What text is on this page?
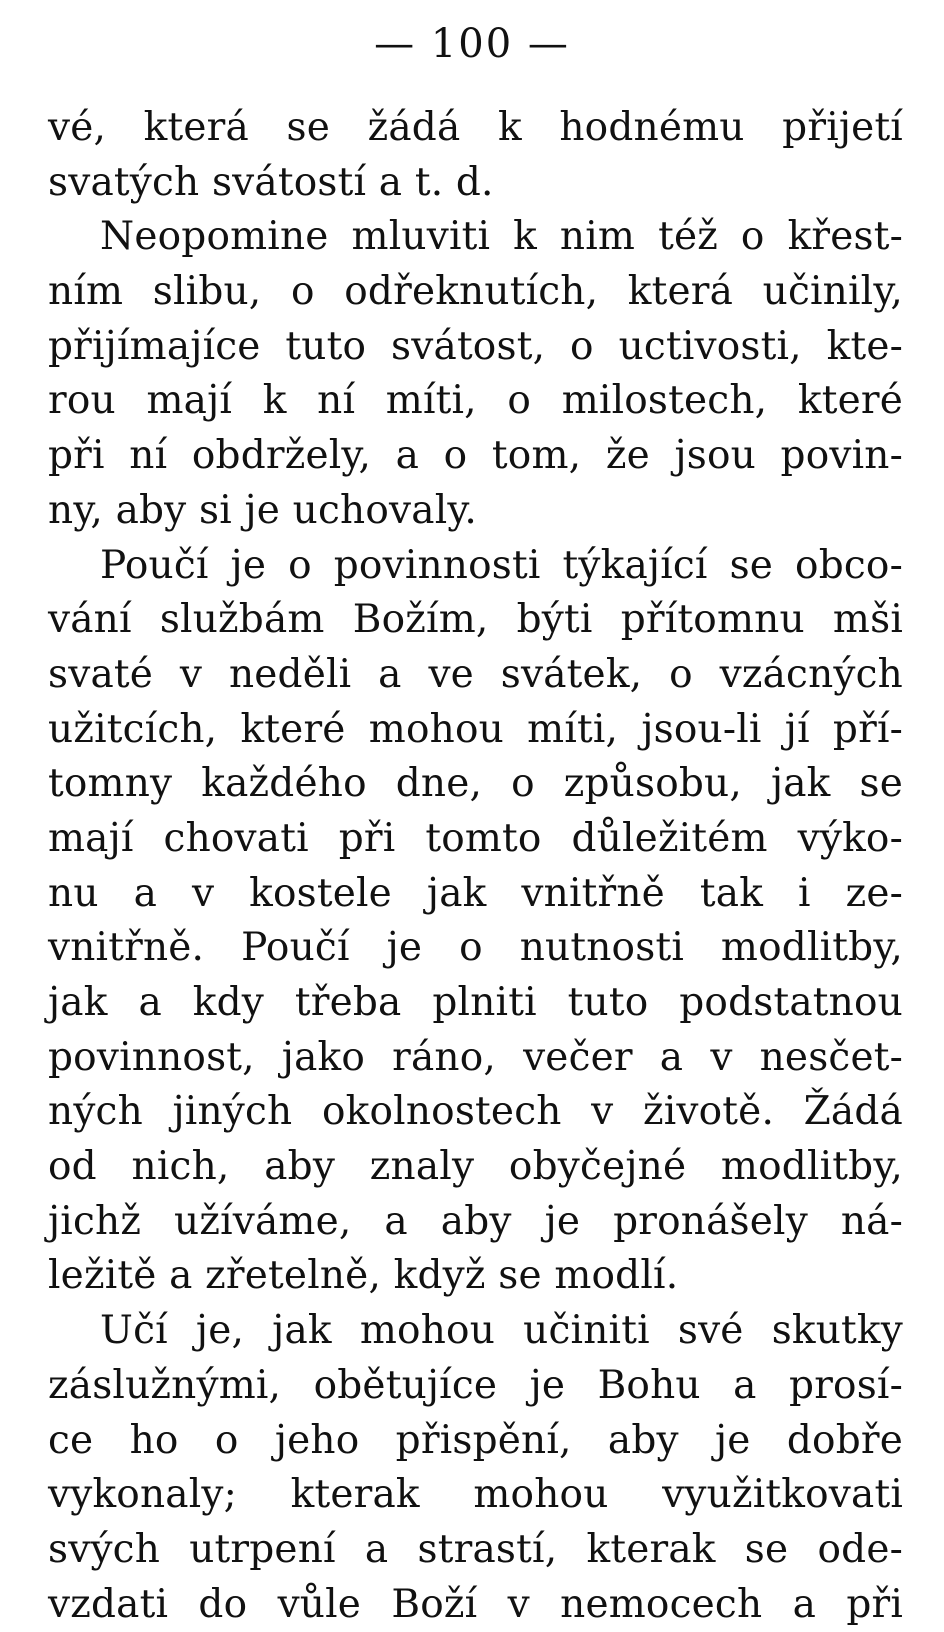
— 100 —
vé, která se žádá k hodnému přijetí
svatých svátostí a t. d.
Neopomine mluviti k nim též o křest-
ním slibu, o odřeknutích, která učinily,
přijímajíce tuto svátost, o uctivosti, kte-
rou mají k ní míti, o milostech, které
při ní obdržely, a o tom, že jsou povin-
ny, aby si je uchovaly.
Poučí je o povinnosti týkající se obco-
vání službám Božím, býti přítomnu mši
svaté v neděli a ve svátek, o vzácných
užitcích, které mohou míti, jsou-li jí pří-
tomny každého dne, o způsobu, jak se
mají chovati při tomto důležitém výko-
nu a v kostele jak vnitřně tak i ze-
vnitřně. Poučí je o nutnosti modlitby,
jak a kdy třeba plniti tuto podstatnou
povinnost, jako ráno, večer a v nesčet-
ných jiných okolnostech v životě. Žádá
od nich, aby znaly obyčejné modlitby,
jichž užíváme, a aby je pronášely ná-
ležitě a zřetelně, když se modlí.
Učí je, jak mohou učiniti své skutky
záslužnými, obětujíce je Bohu a prosí-
ce ho o jeho přispění, aby je dobře
vykonaly; kterak mohou využitkovati
svých utrpení a strastí, kterak se ode-
vzdati do vůle Boží v nemocech a při
